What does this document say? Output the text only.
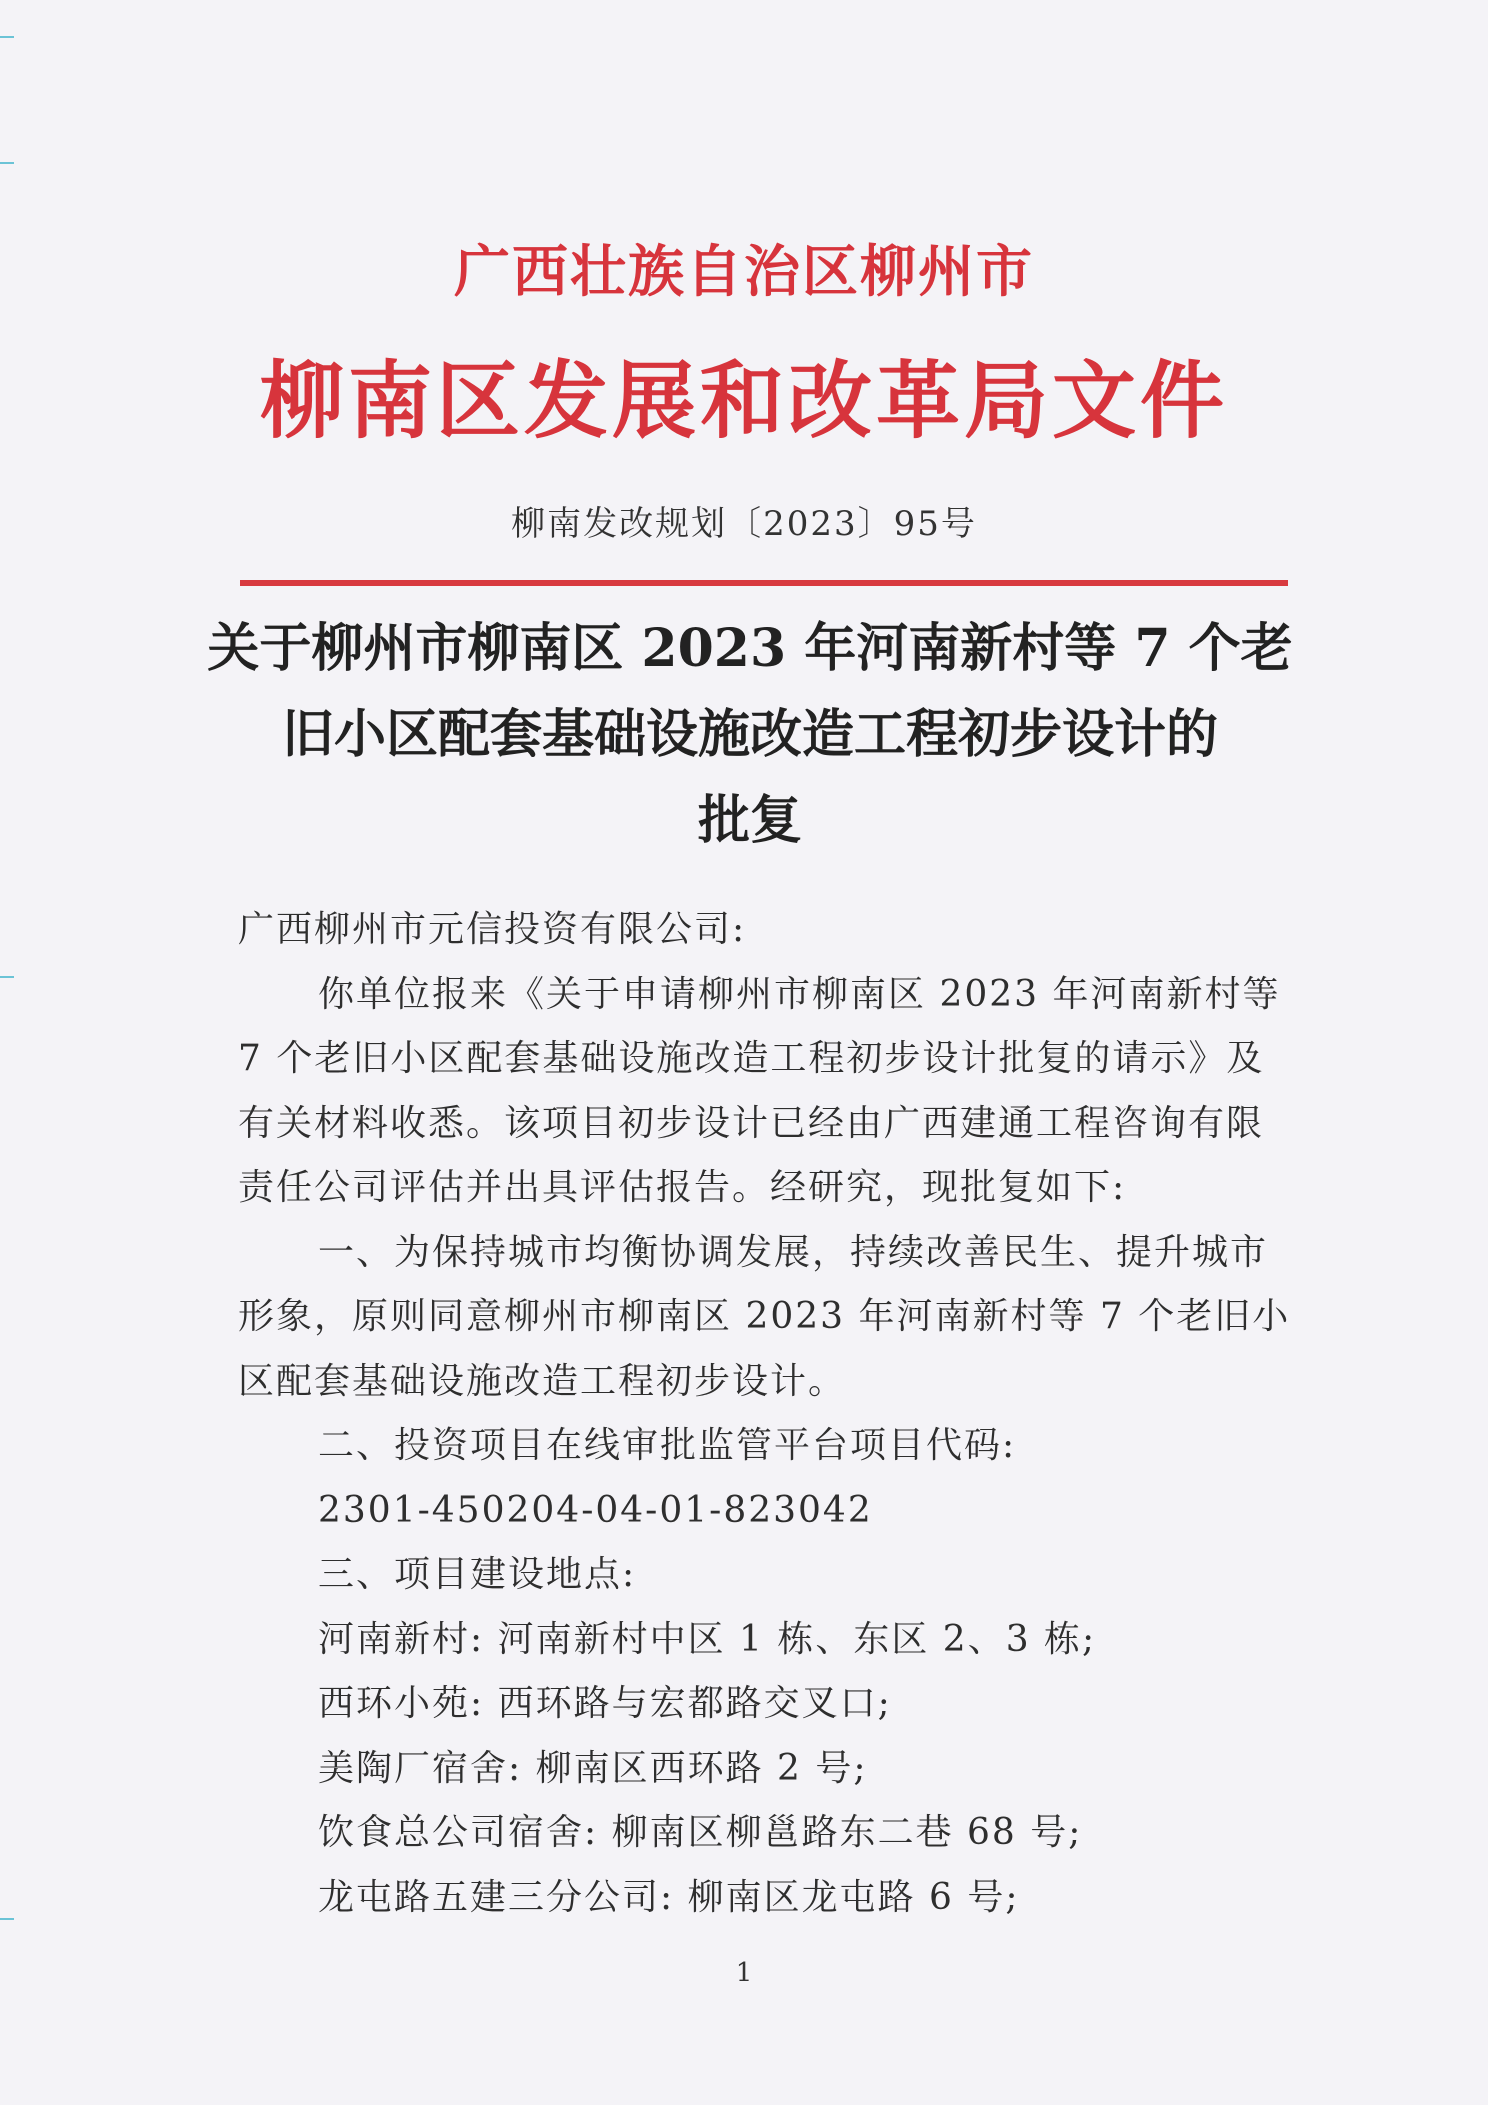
广西壮族自治区柳州市
柳南区发展和改革局文件
柳南发改规划〔2023〕95号
关于柳州市柳南区 2023 年河南新村等 7 个老
旧小区配套基础设施改造工程初步设计的
批复
广西柳州市元信投资有限公司:
你单位报来《关于申请柳州市柳南区 2023 年河南新村等
7 个老旧小区配套基础设施改造工程初步设计批复的请示》及
有关材料收悉。该项目初步设计已经由广西建通工程咨询有限
责任公司评估并出具评估报告。经研究，现批复如下:
一、为保持城市均衡协调发展，持续改善民生、提升城市
形象，原则同意柳州市柳南区 2023 年河南新村等 7 个老旧小
区配套基础设施改造工程初步设计。
二、投资项目在线审批监管平台项目代码:
2301-450204-04-01-823042
三、项目建设地点:
河南新村: 河南新村中区 1 栋、东区 2、3 栋;
西环小苑: 西环路与宏都路交叉口;
美陶厂宿舍: 柳南区西环路 2 号;
饮食总公司宿舍: 柳南区柳邕路东二巷 68 号;
龙屯路五建三分公司: 柳南区龙屯路 6 号;
1
